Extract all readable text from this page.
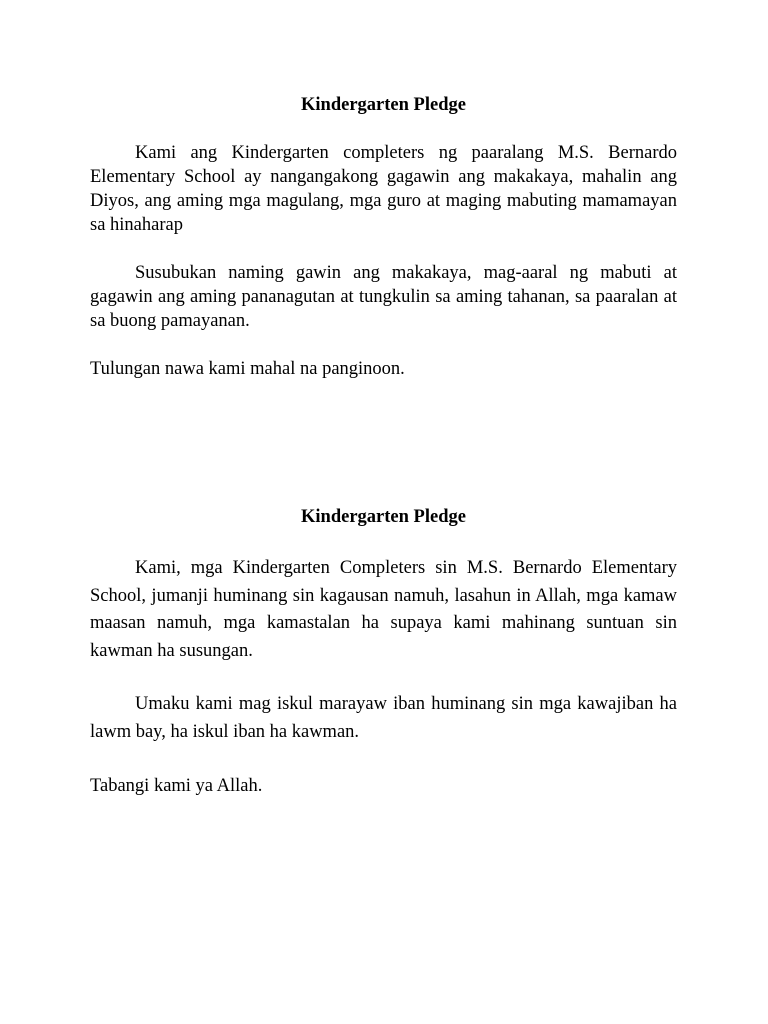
Kindergarten Pledge

Kami ang Kindergarten completers ng paaralang M.S. Bernardo Elementary School ay nangangakong gagawin ang makakaya, mahalin ang Diyos, ang aming mga magulang, mga guro at maging mabuting mamamayan sa hinaharap

Susubukan naming gawin ang makakaya, mag-aaral ng mabuti at gagawin ang aming pananagutan at tungkulin sa aming tahanan, sa paaralan at sa buong pamayanan.

Tulungan nawa kami mahal na panginoon.

Kindergarten Pledge

Kami, mga Kindergarten Completers sin M.S. Bernardo Elementary School, jumanji huminang sin kagausan namuh, lasahun in Allah, mga kamaw maasan namuh, mga kamastalan ha supaya kami mahinang suntuan sin kawman ha susungan.

Umaku kami mag iskul marayaw iban huminang sin mga kawajiban ha lawm bay, ha iskul iban ha kawman.

Tabangi kami ya Allah.
